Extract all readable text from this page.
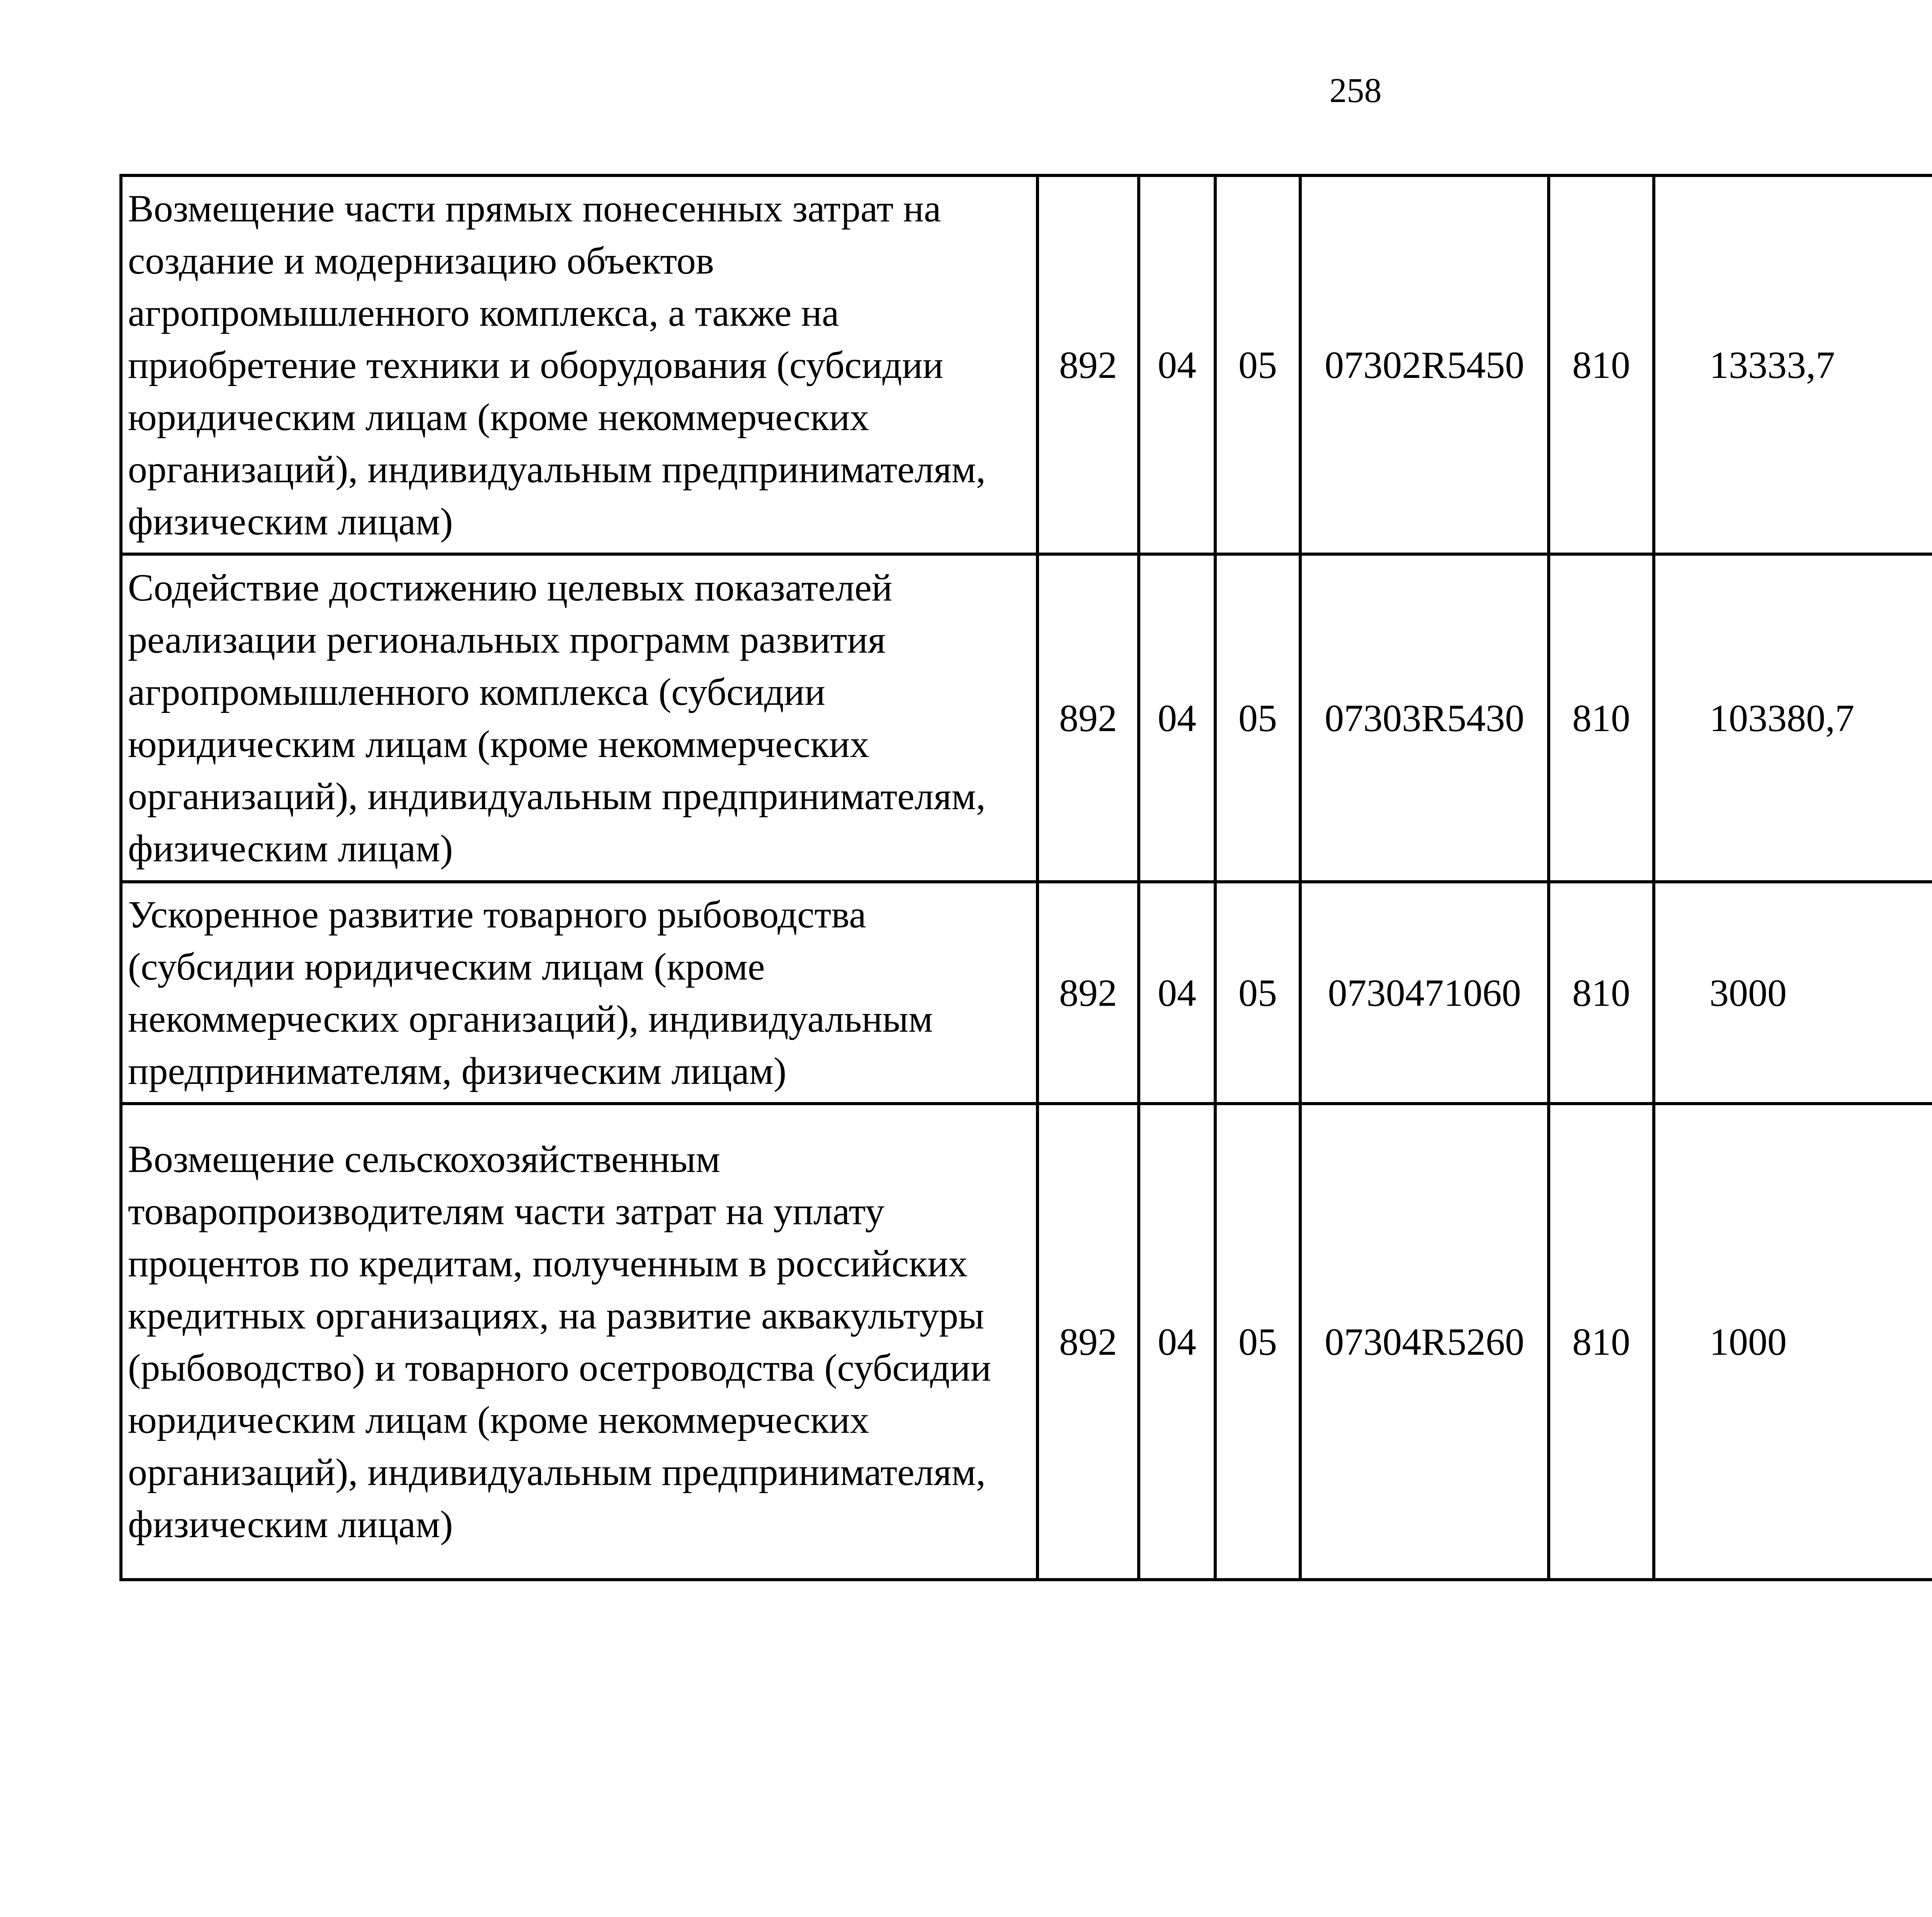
258
Возмещение части прямых понесенных затрат на создание и модернизацию объектов агропромышленного комплекса, а также на приобретение техники и оборудования (субсидии юридическим лицам (кроме некоммерческих организаций), индивидуальным предпринимателям, физическим лицам)	892	04	05	07302R5450	810	13333,7		
Содействие достижению целевых показателей реализации региональных программ развития агропромышленного комплекса (субсидии юридическим лицам (кроме некоммерческих организаций), индивидуальным предпринимателям, физическим лицам)	892	04	05	07303R5430	810	103380,7		
Ускоренное развитие товарного рыбоводства (субсидии юридическим лицам (кроме некоммерческих организаций), индивидуальным предпринимателям, физическим лицам)	892	04	05	0730471060	810	3000		
Возмещение сельскохозяйственным товаропроизводителям части затрат на уплату процентов по кредитам, полученным в российских кредитных организациях, на развитие аквакультуры (рыбоводство) и товарного осетроводства (субсидии юридическим лицам (кроме некоммерческих организаций), индивидуальным предпринимателям, физическим лицам)	892	04	05	07304R5260	810	1000		
